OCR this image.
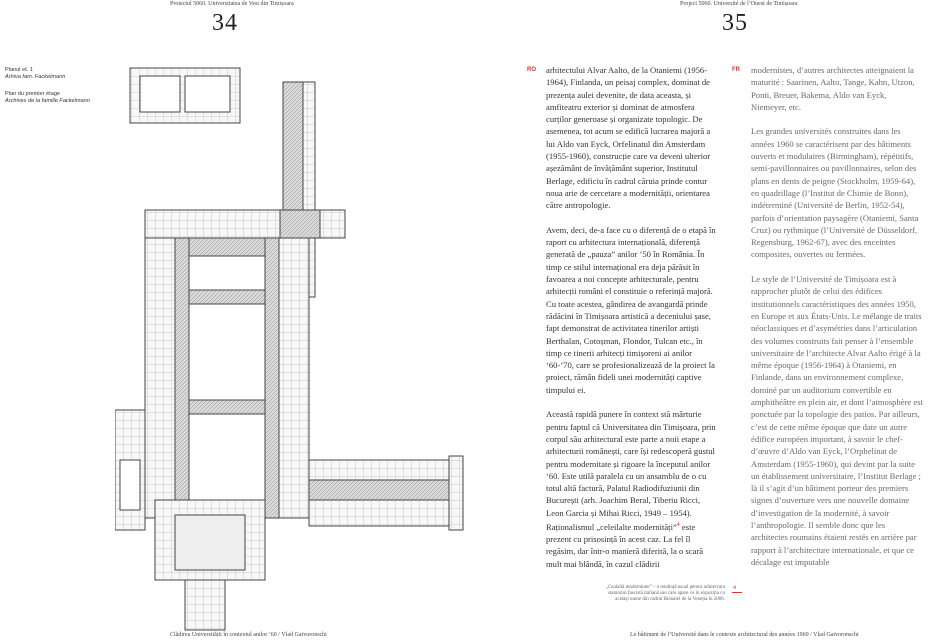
Proiectul 5060. Universitatea de Vest din Timișoara	Project 5060. Université de l’Ouest de Timișoara
34	35
Planul et. 1
Arhiva fam. Fackelmann
Plan du premier étage
Archives de la famille Fackelmann
RO arhitectului Alvar Aalto, de la Otaniemi (1956-1964), Finlanda, un peisaj complex, dominat de prezența aulei devenite, de data aceasta, și amfiteatru exterior și dominat de atmosfera curților generoase și organizate topologic. De asemenea, tot acum se edifică lucrarea majoră a lui Aldo van Eyck, Orfelinatul din Amsterdam (1955-1960), construcție care va deveni ulterior așezământ de învățământ superior, Institutul Berlage, edificiu în cadrul căruia prinde contur noua arie de cercetare a modernității, orientarea către antropologie.

Avem, deci, de-a face cu o diferență de o etapă în raport cu arhitectura internațională, diferență generată de „pauza” anilor ’50 în România. În timp ce stilul internațional era deja părăsit în favoarea a noi concepte arhitecturale, pentru arhitecții români el constituie o referință majoră. Cu toate acestea, gândirea de avangardă prinde rădăcini în Timișoara artistică a deceniului șase, fapt demonstrat de activitatea tinerilor artiști Berthalan, Cotoșman, Flondor, Tulcan etc., în timp ce tinerii arhitecți timișoreni ai anilor ‘60-’70, care se profesionalizează de la proiect la proiect, rămân fideli unei modernități captive timpului ei.

Această rapidă punere în context stă mărturie pentru faptul că Universitatea din Timișoara, prin corpul său arhitectural este parte a noii etape a arhitecturii românești, care își redescoperă gustul pentru modernitate și rigoare la începutul anilor ‘60. Este utilă paralela cu un ansamblu de o cu totul altă factură, Palatul Radiodifuziunii din București (arh. Joachim Beral, Tiberiu Ricci, Leon Garcia și Mihai Ricci, 1949 – 1954). Raționalismul „celeilalte modernități”$^4$ este prezent cu prisosință în acest caz. La fel îl regăsim, dar într-o manieră diferită, la o scară mult mai blândă, în cazul clădirii

FR modernistes, d’autres architectes atteignaient la maturité : Saarinen, Aalto, Tange, Kahn, Utzon, Ponti, Breuer, Bakema, Aldo van Eyck, Niemeyer, etc.

Les grandes universités construites dans les années 1960 se caractérisent par des bâtiments ouverts et modulaires (Birmingham), répétitifs, semi-pavillonnaires ou pavillonnaires, selon des plans en dents de peigne (Stockholm, 1959-64), en quadrillage (l’Institut de Chimie de Bonn), indéterminé (Université de Berlin, 1952-54), parfois d’orientation paysagère (Otaniemi, Santa Cruz) ou rythmique (l’Université de Düsseldorf, Regensburg, 1962-67), avec des enceintes composites, ouvertes ou fermées.

Le style de l’Université de Timișoara est à rapprocher plutôt de celui des édifices institutionnels caractéristiques des années 1950, en Europe et aux États-Unis. Le mélange de traits néoclassiques et d’asymétries dans l’articulation des volumes construits fait penser à l’ensemble universitaire de l’architecte Alvar Aalto érigé à la même époque (1956-1964) à Otaniemi, en Finlande, dans un environnement complexe, dominé par un auditorium convertible en amphithéâtre en plein air, et dont l’atmosphère est ponctuée par la topologie des patios. Par ailleurs, c’est de cette même époque que date un autre édifice européen important, à savoir le chef-d’œuvre d’Aldo van Eyck, l’Orphelinat de Amsterdam (1955-1960), qui devint par la suite un établissement universitaire, l’Institut Berlage ; là il s’agit d’un bâtiment porteur des premiers signes d’ouverture vers une nouvelle domaine d’investigation de la modernité, à savoir l’anthropologie. Il semble donc que les architectes roumains étaient restés en arrière par rapport à l’architecture internationale, et que ce décalage est imputable

„Cealaltă modernitate” – o tendință usual pentru arhitectura statutului fascistă italiană sau care apare cu în expoziția cu același nume din cadrul Bienalei de la Veneția în 2006.
4
Clădirea Universității în contextul anilor ’60 / Vlad Gaivoronschi	Le bâtiment de l’Université dans le contexte architectural des années 1960 / Vlad Gaivoronschi
